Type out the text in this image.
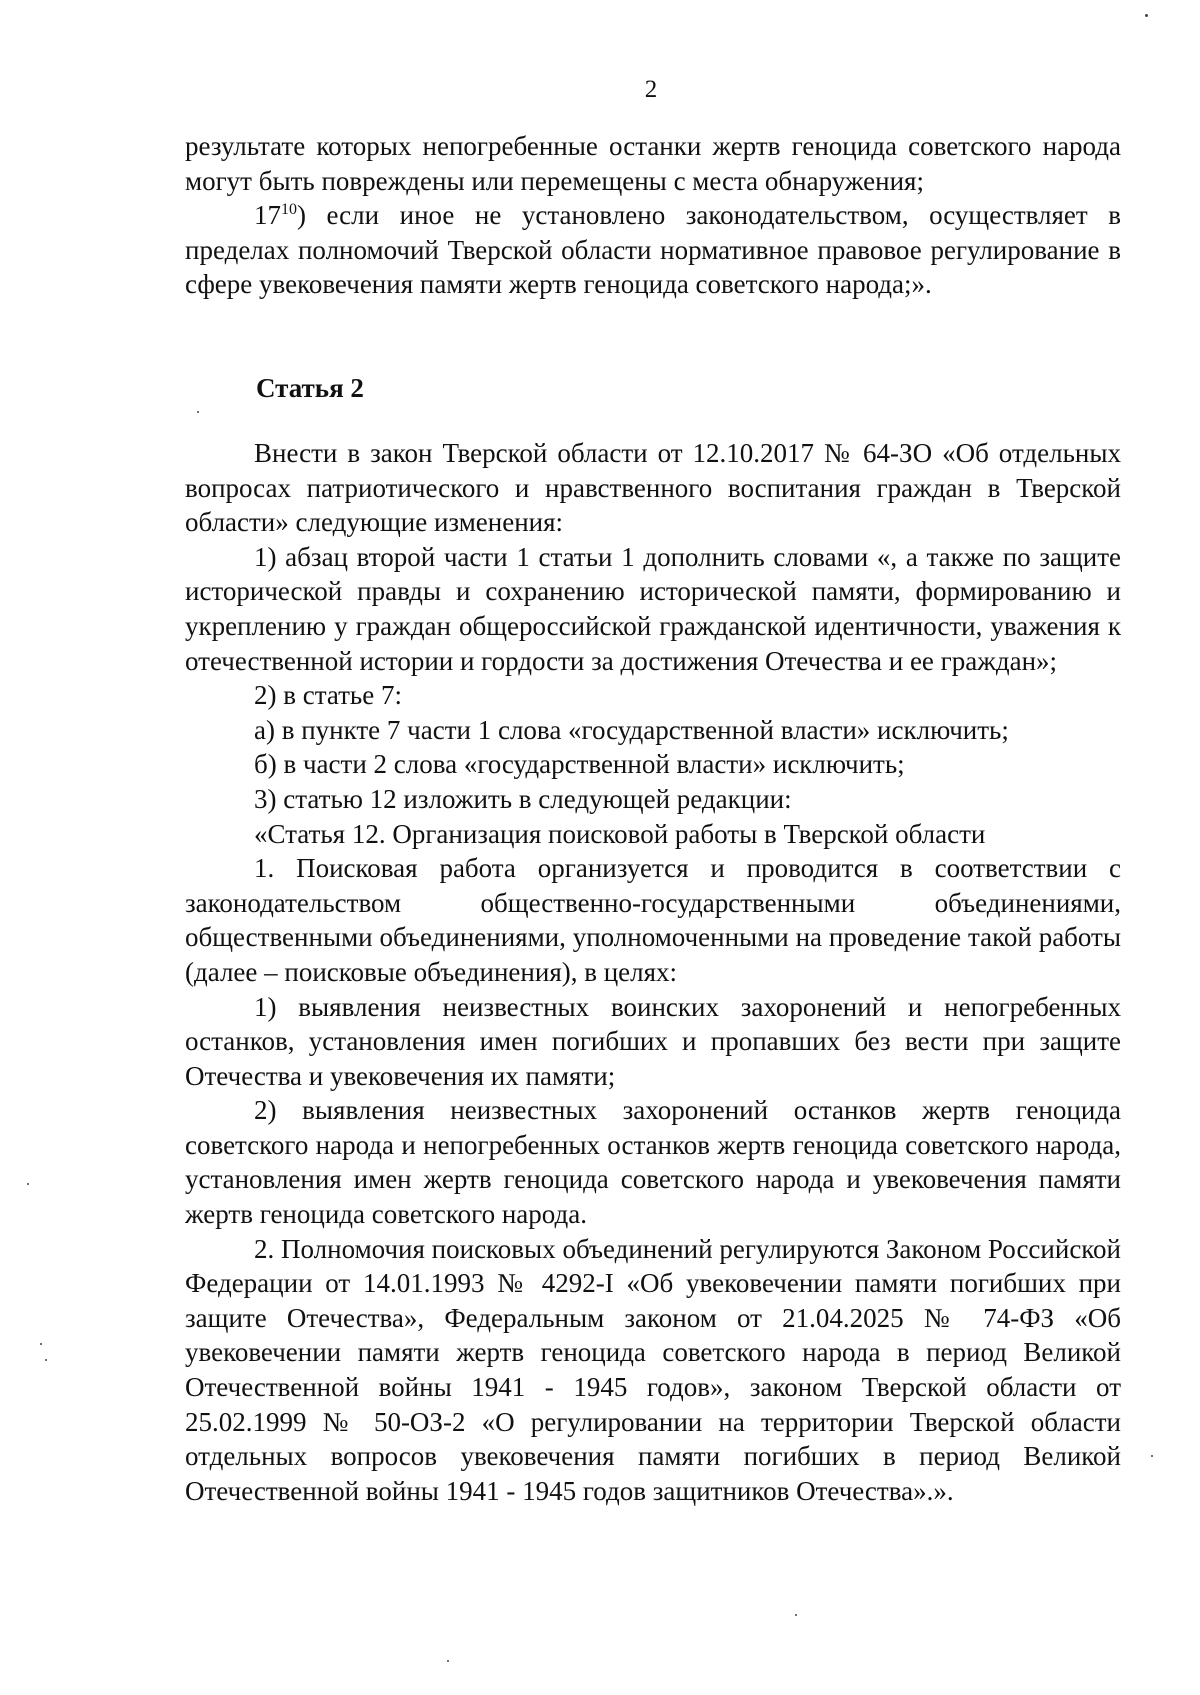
2

результате которых непогребенные останки жертв геноцида советского народа могут быть повреждены или перемещены с места обнаружения;

$17^{10}$) если иное не установлено законодательством, осуществляет в пределах полномочий Тверской области нормативное правовое регулирование в сфере увековечения памяти жертв геноцида советского народа;».

Статья 2

Внести в закон Тверской области от 12.10.2017 № 64-ЗО «Об отдельных вопросах патриотического и нравственного воспитания граждан в Тверской области» следующие изменения:

1) абзац второй части 1 статьи 1 дополнить словами «, а также по защите исторической правды и сохранению исторической памяти, формированию и укреплению у граждан общероссийской гражданской идентичности, уважения к отечественной истории и гордости за достижения Отечества и ее граждан»;

2) в статье 7:

а) в пункте 7 части 1 слова «государственной власти» исключить;

б) в части 2 слова «государственной власти» исключить;

3) статью 12 изложить в следующей редакции:

«Статья 12. Организация поисковой работы в Тверской области

1. Поисковая работа организуется и проводится в соответствии с законодательством общественно-государственными объединениями, общественными объединениями, уполномоченными на проведение такой работы (далее – поисковые объединения), в целях:

1) выявления неизвестных воинских захоронений и непогребенных останков, установления имен погибших и пропавших без вести при защите Отечества и увековечения их памяти;

2) выявления неизвестных захоронений останков жертв геноцида советского народа и непогребенных останков жертв геноцида советского народа, установления имен жертв геноцида советского народа и увековечения памяти жертв геноцида советского народа.

2. Полномочия поисковых объединений регулируются Законом Российской Федерации от 14.01.1993 № 4292-I «Об увековечении памяти погибших при защите Отечества», Федеральным законом от 21.04.2025 № 74-ФЗ «Об увековечении памяти жертв геноцида советского народа в период Великой Отечественной войны 1941 - 1945 годов», законом Тверской области от 25.02.1999 № 50-ОЗ-2 «О регулировании на территории Тверской области отдельных вопросов увековечения памяти погибших в период Великой Отечественной войны 1941 - 1945 годов защитников Отечества».».
